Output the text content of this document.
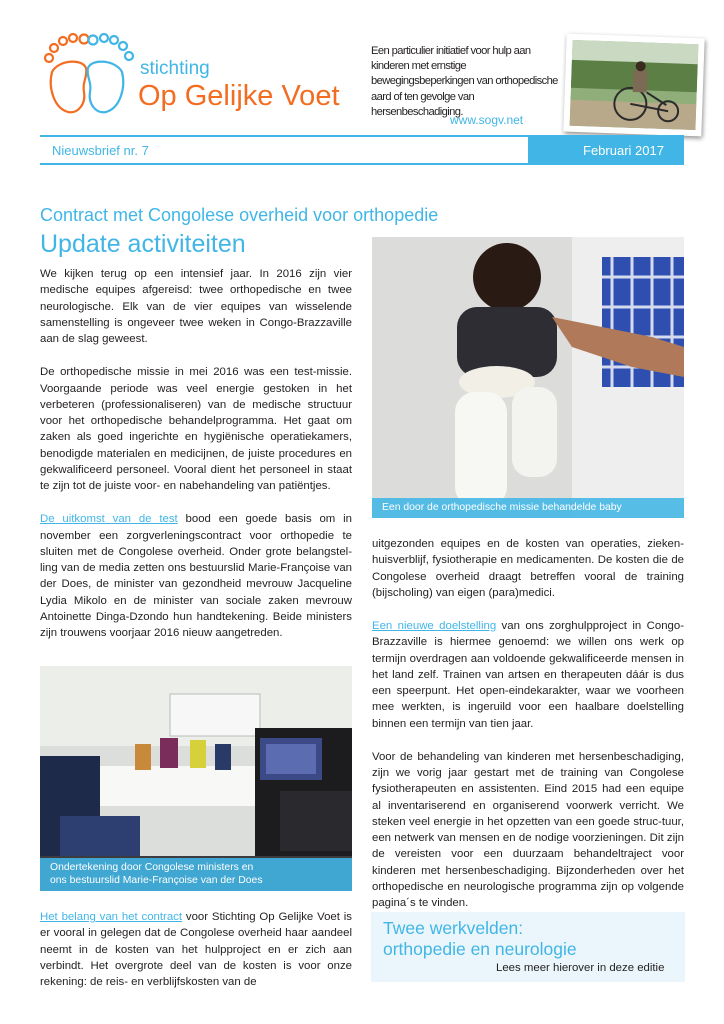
stichting
Op Gelijke Voet
Een particulier initiatief voor hulp aan kinderen met ernstige bewegingsbeperkingen van orthopedische aard of ten gevolge van hersenbeschadiging.
www.sogv.net
Nieuwsbrief nr. 7	Februari 2017
Contract met Congolese overheid voor orthopedie
Update activiteiten

We kijken terug op een intensief jaar. In 2016 zijn vier medische equipes afgereisd: twee orthopedische en twee neurologische. Elk van de vier equipes van wisselende samenstelling is ongeveer twee weken in Congo-Brazzaville aan de slag geweest.

De orthopedische missie in mei 2016 was een test-missie. Voorgaande periode was veel energie gestoken in het verbeteren (professionaliseren) van de medische structuur voor het orthopedische behandelprogramma. Het gaat om zaken als goed ingerichte en hygiënische operatiekamers, benodigde materialen en medicijnen, de juiste procedures en gekwalificeerd personeel. Vooral dient het personeel in staat te zijn tot de juiste voor- en nabehandeling van patiëntjes.

De uitkomst van de test bood een goede basis om in november een zorgverleningscontract voor orthopedie te sluiten met de Congolese overheid. Onder grote belangstel-ling van de media zetten ons bestuurslid Marie-Françoise van der Does, de minister van gezondheid mevrouw Jacqueline Lydia Mikolo en de minister van sociale zaken mevrouw Antoinette Dinga-Dzondo hun handtekening. Beide ministers zijn trouwens voorjaar 2016 nieuw aangetreden.

Ondertekening door Congolese ministers en
ons bestuurslid Marie-Françoise van der Does

Het belang van het contract voor Stichting Op Gelijke Voet is er vooral in gelegen dat de Congolese overheid haar aandeel neemt in de kosten van het hulpproject en er zich aan verbindt. Het overgrote deel van de kosten is voor onze rekening: de reis- en verblijfskosten van de

Een door de orthopedische missie behandelde baby

uitgezonden equipes en de kosten van operaties, zieken-huisverblijf, fysiotherapie en medicamenten. De kosten die de Congolese overheid draagt betreffen vooral de training (bijscholing) van eigen (para)medici.

Een nieuwe doelstelling van ons zorghulpproject in Congo-Brazzaville is hiermee genoemd: we willen ons werk op termijn overdragen aan voldoende gekwalificeerde mensen in het land zelf. Trainen van artsen en therapeuten dáár is dus een speerpunt. Het open-eindekarakter, waar we voorheen mee werkten, is ingeruild voor een haalbare doelstelling binnen een termijn van tien jaar.

Voor de behandeling van kinderen met hersenbeschadiging, zijn we vorig jaar gestart met de training van Congolese fysiotherapeuten en assistenten. Eind 2015 had een equipe al inventariserend en organiserend voorwerk verricht. We steken veel energie in het opzetten van een goede struc-tuur, een netwerk van mensen en de nodige voorzieningen. Dit zijn de vereisten voor een duurzaam behandeltraject voor kinderen met hersenbeschadiging. Bijzonderheden over het orthopedische en neurologische programma zijn op volgende pagina´s te vinden.

Twee werkvelden:
orthopedie en neurologie
Lees meer hierover in deze editie
